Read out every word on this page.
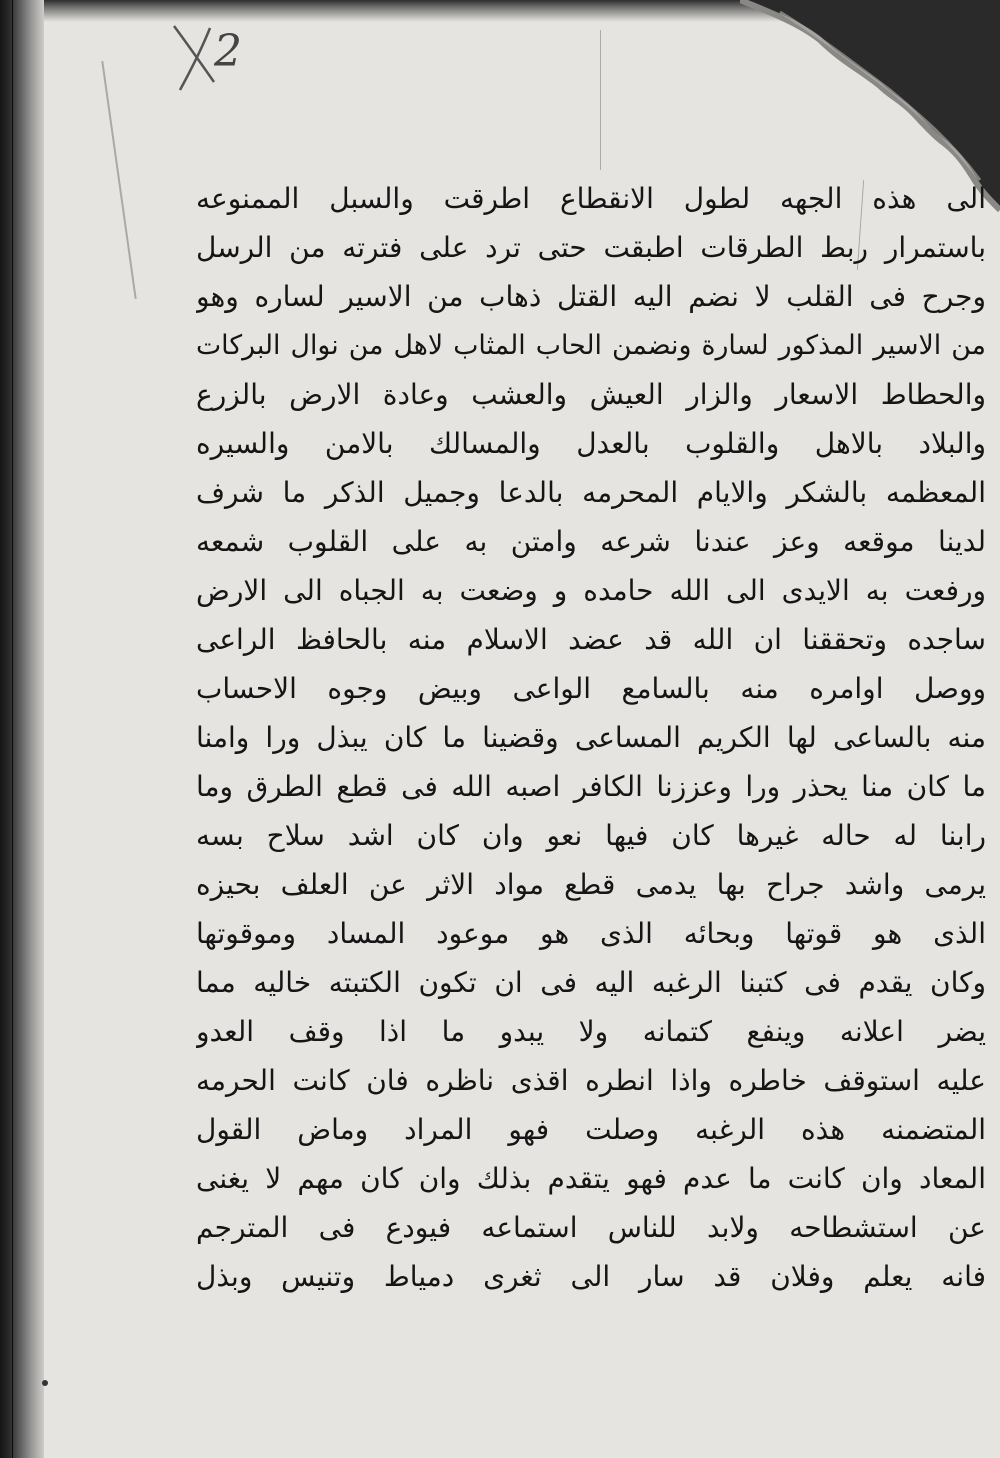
2
الى هذه الجهه لطول الانقطاع اطرقت والسبل الممنوعه
باستمرار ربط الطرقات اطبقت حتى ترد على فترته من الرسل
وجرح فى القلب لا نضم اليه القتل ذهاب من الاسير لساره وهو
من الاسير المذكور لسارة ونضمن الحاب المثاب لاهل من نوال البركات
والحطاط الاسعار والزار العيش والعشب وعادة الارض بالزرع
والبلاد بالاهل والقلوب بالعدل والمسالك بالامن والسيره
المعظمه بالشكر والايام المحرمه بالدعا وجميل الذكر ما شرف
لدينا موقعه وعز عندنا شرعه وامتن به على القلوب شمعه
ورفعت به الايدى الى الله حامده و وضعت به الجباه الى الارض
ساجده وتحققنا ان الله قد عضد الاسلام منه بالحافظ الراعى
ووصل اوامره منه بالسامع الواعى وبيض وجوه الاحساب
منه بالساعى لها الكريم المساعى وقضينا ما كان يبذل ورا وامنا
ما كان منا يحذر ورا وعززنا الكافر اصبه الله فى قطع الطرق وما
رابنا له حاله غيرها كان فيها نعو وان كان اشد سلاح بسه
يرمى واشد جراح بها يدمى قطع مواد الاثر عن العلف بحيزه
الذى هو قوتها وبحائه الذى هو موعود المساد وموقوتها
وكان يقدم فى كتبنا الرغبه اليه فى ان تكون الكتبته خاليه مما
يضر اعلانه وينفع كتمانه ولا يبدو ما اذا وقف العدو
عليه استوقف خاطره واذا انطره اقذى ناظره فان كانت الحرمه
المتضمنه هذه الرغبه وصلت فهو المراد وماض القول
المعاد وان كانت ما عدم فهو يتقدم بذلك وان كان مهم لا يغنى
عن استشطاحه ولابد للناس استماعه فيودع فى المترجم
فانه يعلم وفلان قد سار الى ثغرى دمياط وتنيس وبذل
